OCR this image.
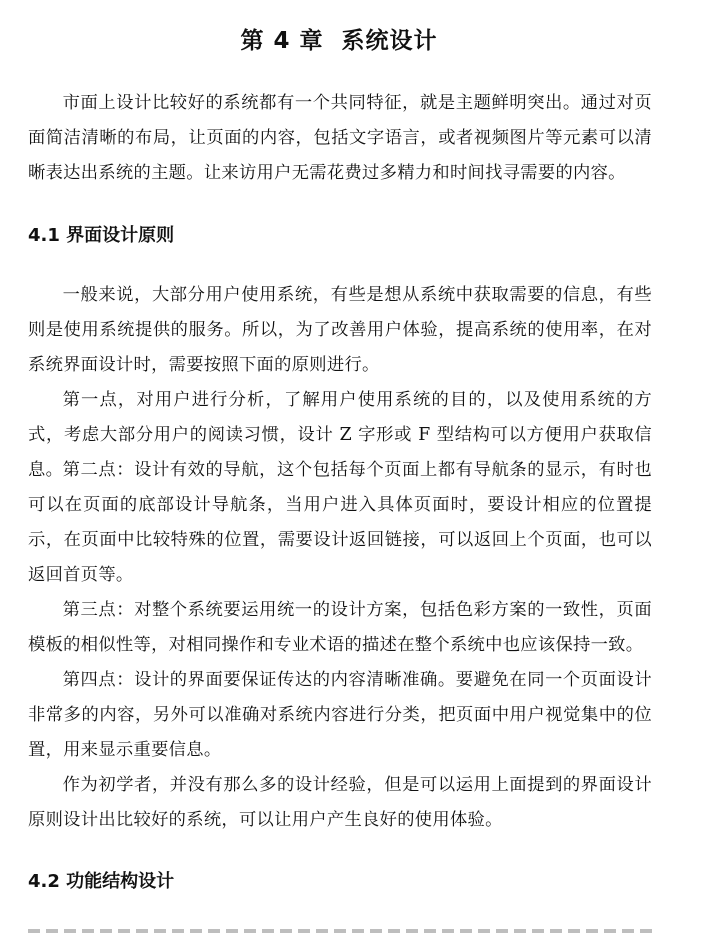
第 4 章  系统设计

市面上设计比较好的系统都有一个共同特征，就是主题鲜明突出。通过对页面简洁清晰的布局，让页面的内容，包括文字语言，或者视频图片等元素可以清晰表达出系统的主题。让来访用户无需花费过多精力和时间找寻需要的内容。

4.1 界面设计原则

一般来说，大部分用户使用系统，有些是想从系统中获取需要的信息，有些则是使用系统提供的服务。所以，为了改善用户体验，提高系统的使用率，在对系统界面设计时，需要按照下面的原则进行。

第一点，对用户进行分析，了解用户使用系统的目的，以及使用系统的方式，考虑大部分用户的阅读习惯，设计 Z 字形或 F 型结构可以方便用户获取信息。 第二点：设计有效的导航，这个包括每个页面上都有导航条的显示，有时也可以在页面的底部设计导航条，当用户进入具体页面时，要设计相应的位置提示，在页面中比较特殊的位置，需要设计返回链接，可以返回上个页面，也可以返回首页等。

第三点：对整个系统要运用统一的设计方案，包括色彩方案的一致性，页面模板的相似性等，对相同操作和专业术语的描述在整个系统中也应该保持一致。

第四点：设计的界面要保证传达的内容清晰准确。要避免在同一个页面设计非常多的内容，另外可以准确对系统内容进行分类，把页面中用户视觉集中的位置，用来显示重要信息。

作为初学者，并没有那么多的设计经验，但是可以运用上面提到的界面设计原则设计出比较好的系统，可以让用户产生良好的使用体验。

4.2 功能结构设计
